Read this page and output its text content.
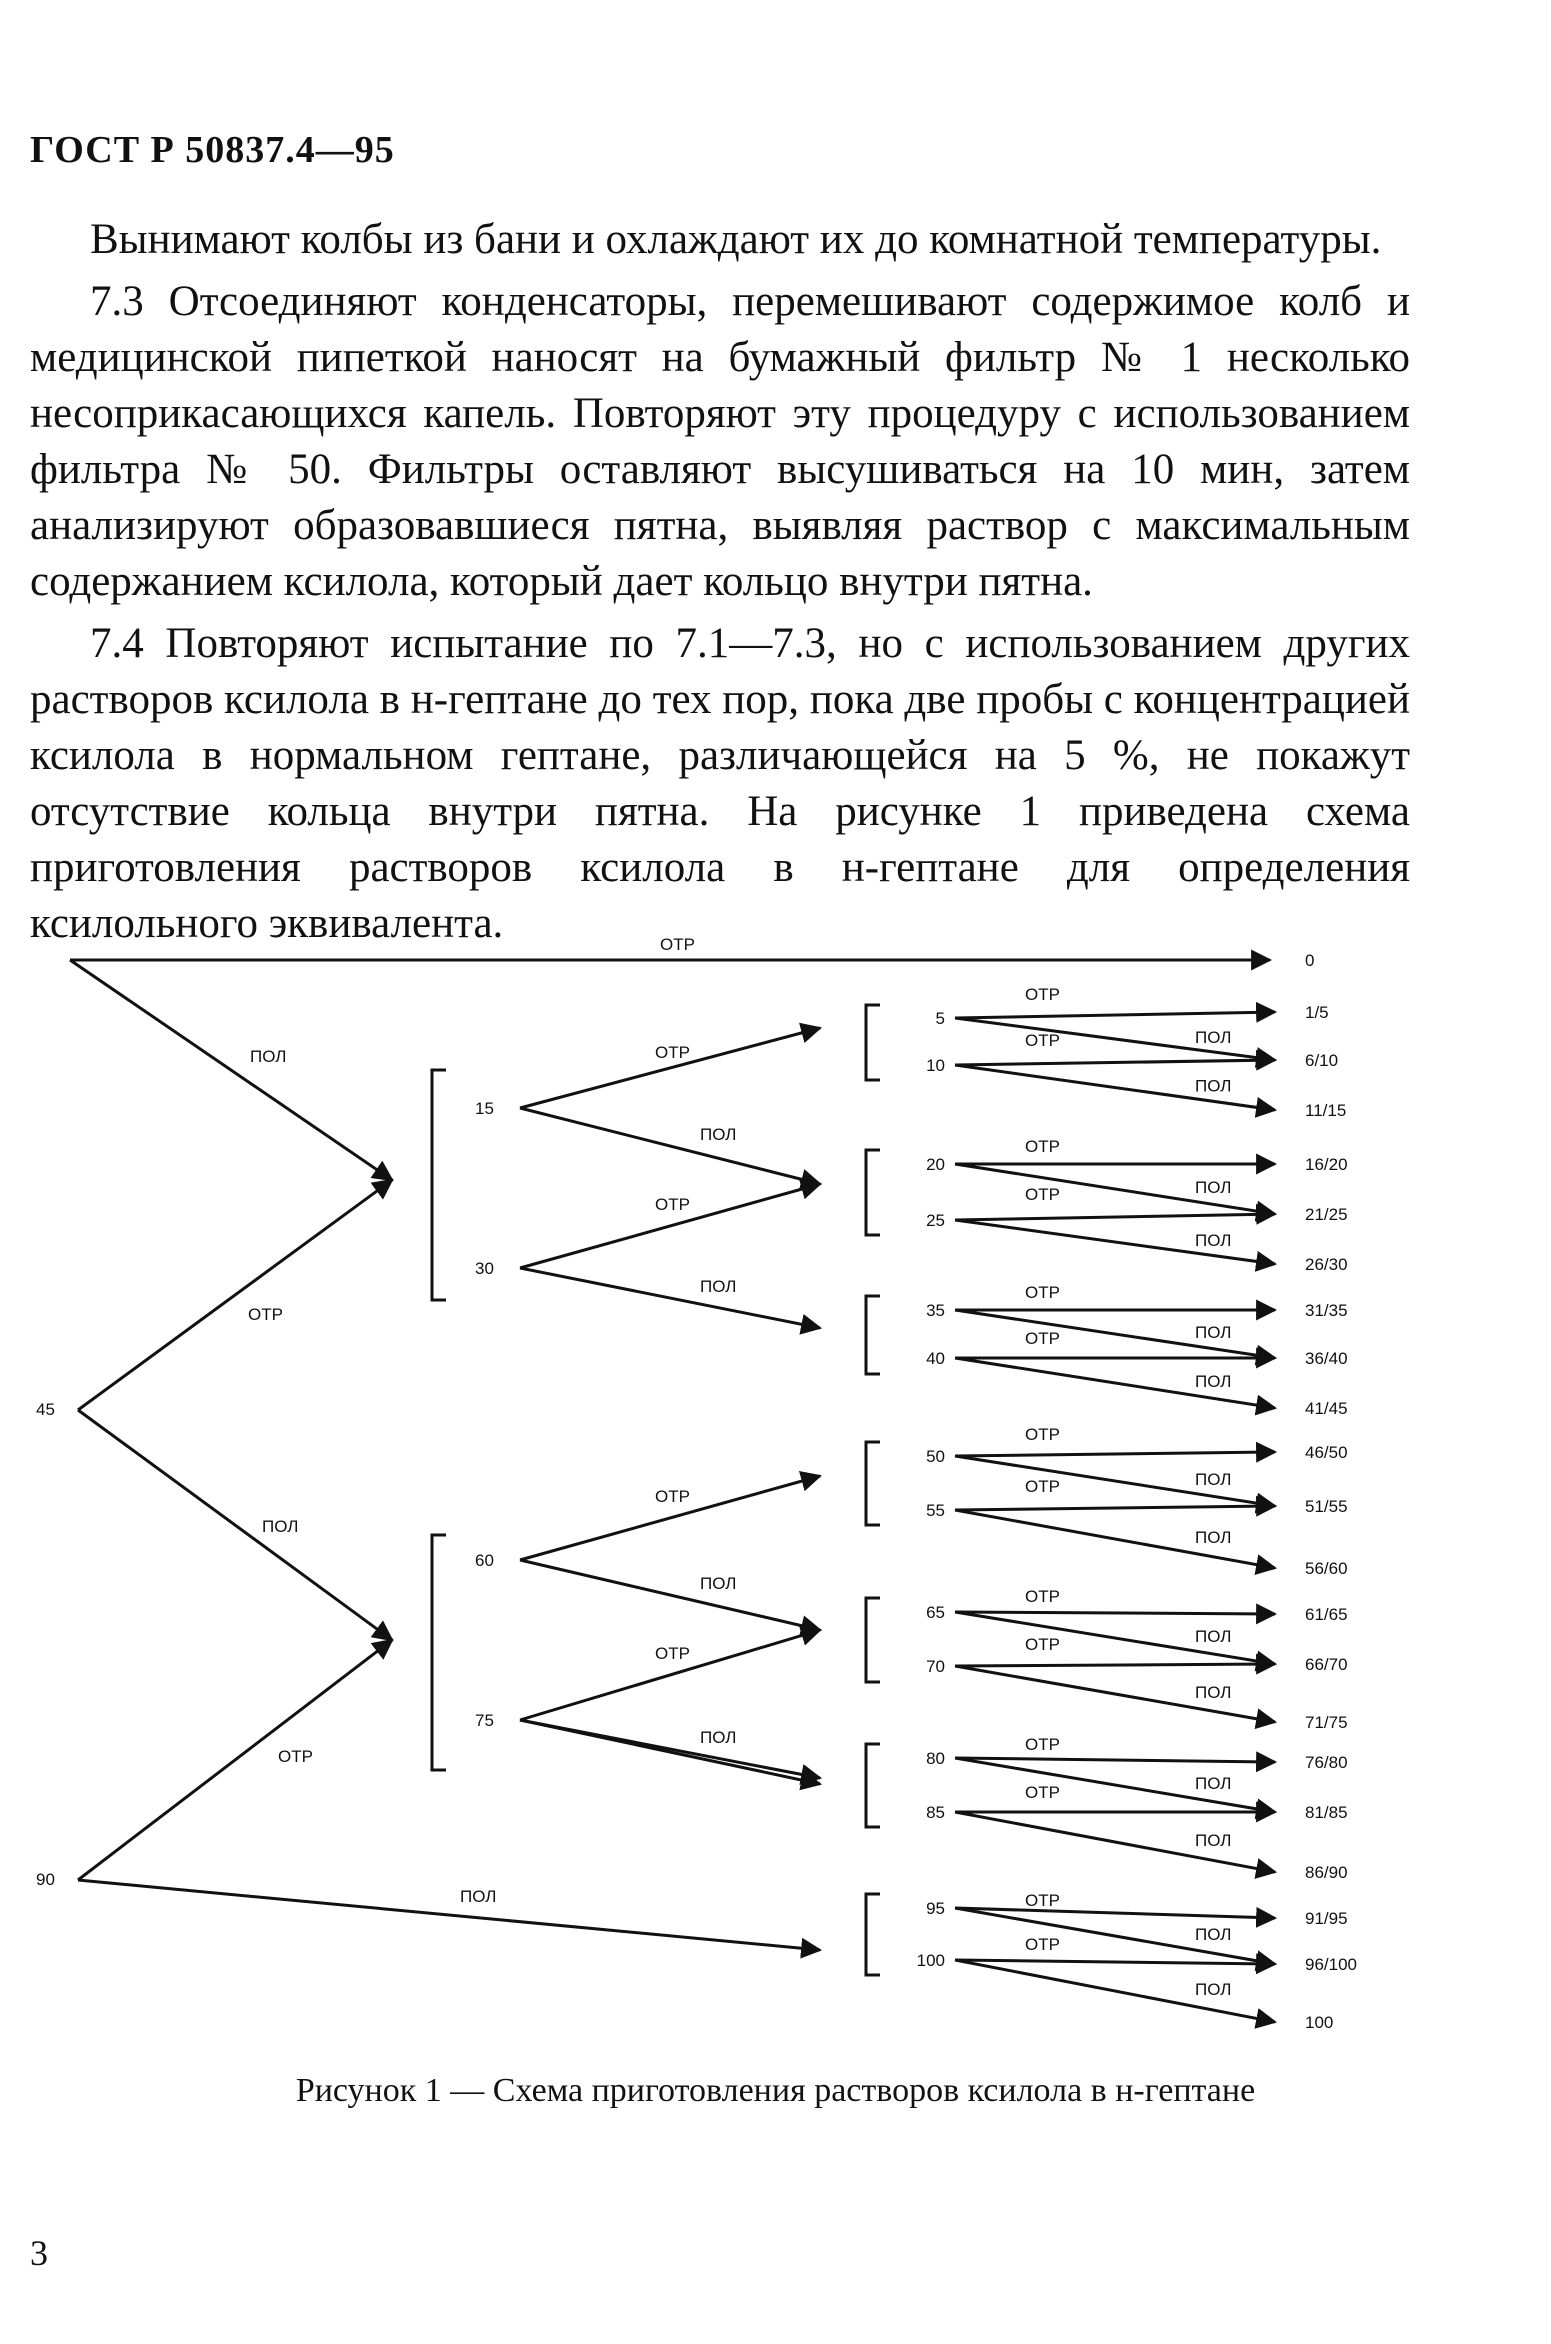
ГОСТ Р 50837.4—95

Вынимают колбы из бани и охлаждают их до комнатной температуры.

7.3 Отсоединяют конденсаторы, перемешивают содержимое колб и медицинской пипеткой наносят на бумажный фильтр № 1 несколько несоприкасающихся капель. Повторяют эту процедуру с использованием фильтра № 50. Фильтры оставляют высушиваться на 10 мин, затем анализируют образовавшиеся пятна, выявляя раствор с максимальным содержанием ксилола, который дает кольцо внутри пятна.

7.4 Повторяют испытание по 7.1—7.3, но с использованием других растворов ксилола в н-гептане до тех пор, пока две пробы с концентрацией ксилола в нормальном гептане, различающейся на 5 %, не покажут отсутствие кольца внутри пятна. На рисунке 1 приведена схема приготовления растворов ксилола в н-гептане для определения ксилольного эквивалента.

45
90
ОТР
ПОЛ
ОТР
ПОЛ
ОТР
ПОЛ
15
30
60
75
ОТР
ПОЛ
ОТР
ПОЛ
ОТР
ПОЛ
ОТР
ПОЛ
5
10
ОТР
ПОЛ
ОТР
ПОЛ
20
25
ОТР
ПОЛ
ОТР
ПОЛ
35
40
ОТР
ПОЛ
ОТР
ПОЛ
50
55
ОТР
ПОЛ
ОТР
ПОЛ
65
70
ОТР
ПОЛ
ОТР
ПОЛ
80
85
ОТР
ПОЛ
ОТР
ПОЛ
95
100
ОТР
ПОЛ
ОТР
ПОЛ
0
1/5
6/10
11/15
16/20
21/25
26/30
31/35
36/40
41/45
46/50
51/55
56/60
61/65
66/70
71/75
76/80
81/85
86/90
91/95
96/100
100
Рисунок 1 — Схема приготовления растворов ксилола в н-гептане
3
